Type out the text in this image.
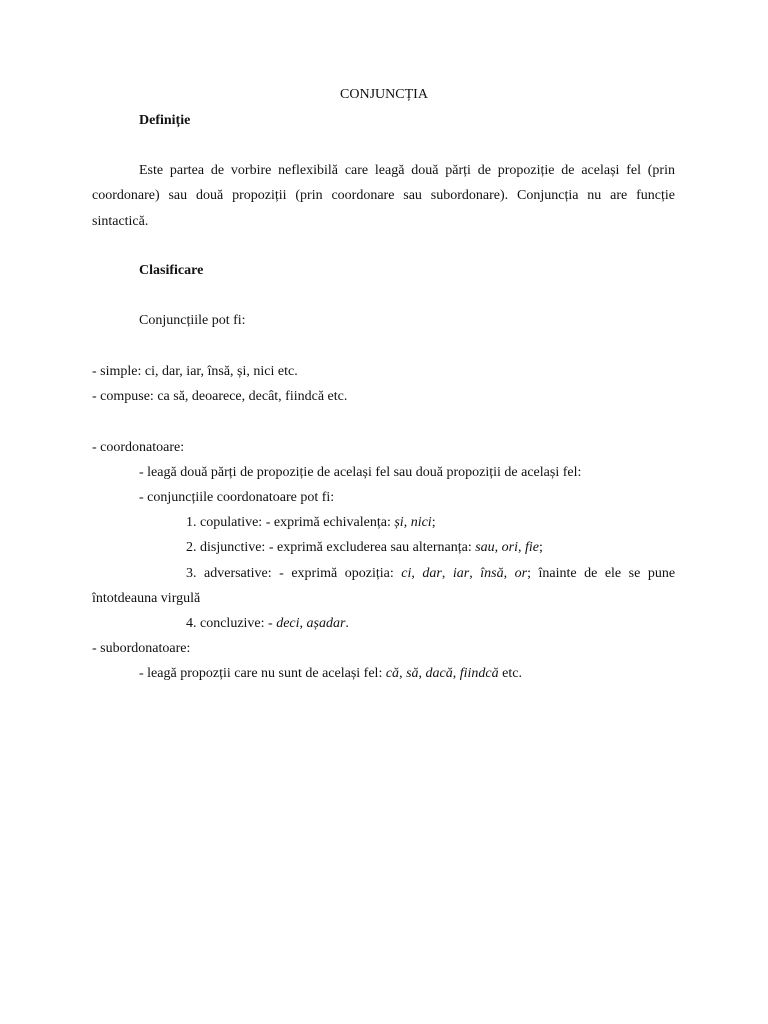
CONJUNCȚIA
Definiție
Este partea de vorbire neflexibilă care leagă două părți de propoziție de același fel (prin
coordonare) sau două propoziții (prin coordonare sau subordonare). Conjuncția nu are funcție
sintactică.
Clasificare
Conjuncțiile pot fi:
- simple: ci, dar, iar, însă, și, nici etc.
- compuse: ca să, deoarece, decât, fiindcă etc.
- coordonatoare:
- leagă două părți de propoziție de același fel sau două propoziții de același fel:
- conjuncțiile coordonatoare pot fi:
1. copulative: - exprimă echivalența: și, nici;
2. disjunctive: - exprimă excluderea sau alternanța: sau, ori, fie;
3. adversative: - exprimă opoziția: ci, dar, iar, însă, or; înainte de ele se pune
întotdeauna virgulă
4. concluzive: - deci, așadar.
- subordonatoare:
- leagă propozții care nu sunt de același fel: că, să, dacă, fiindcă etc.
